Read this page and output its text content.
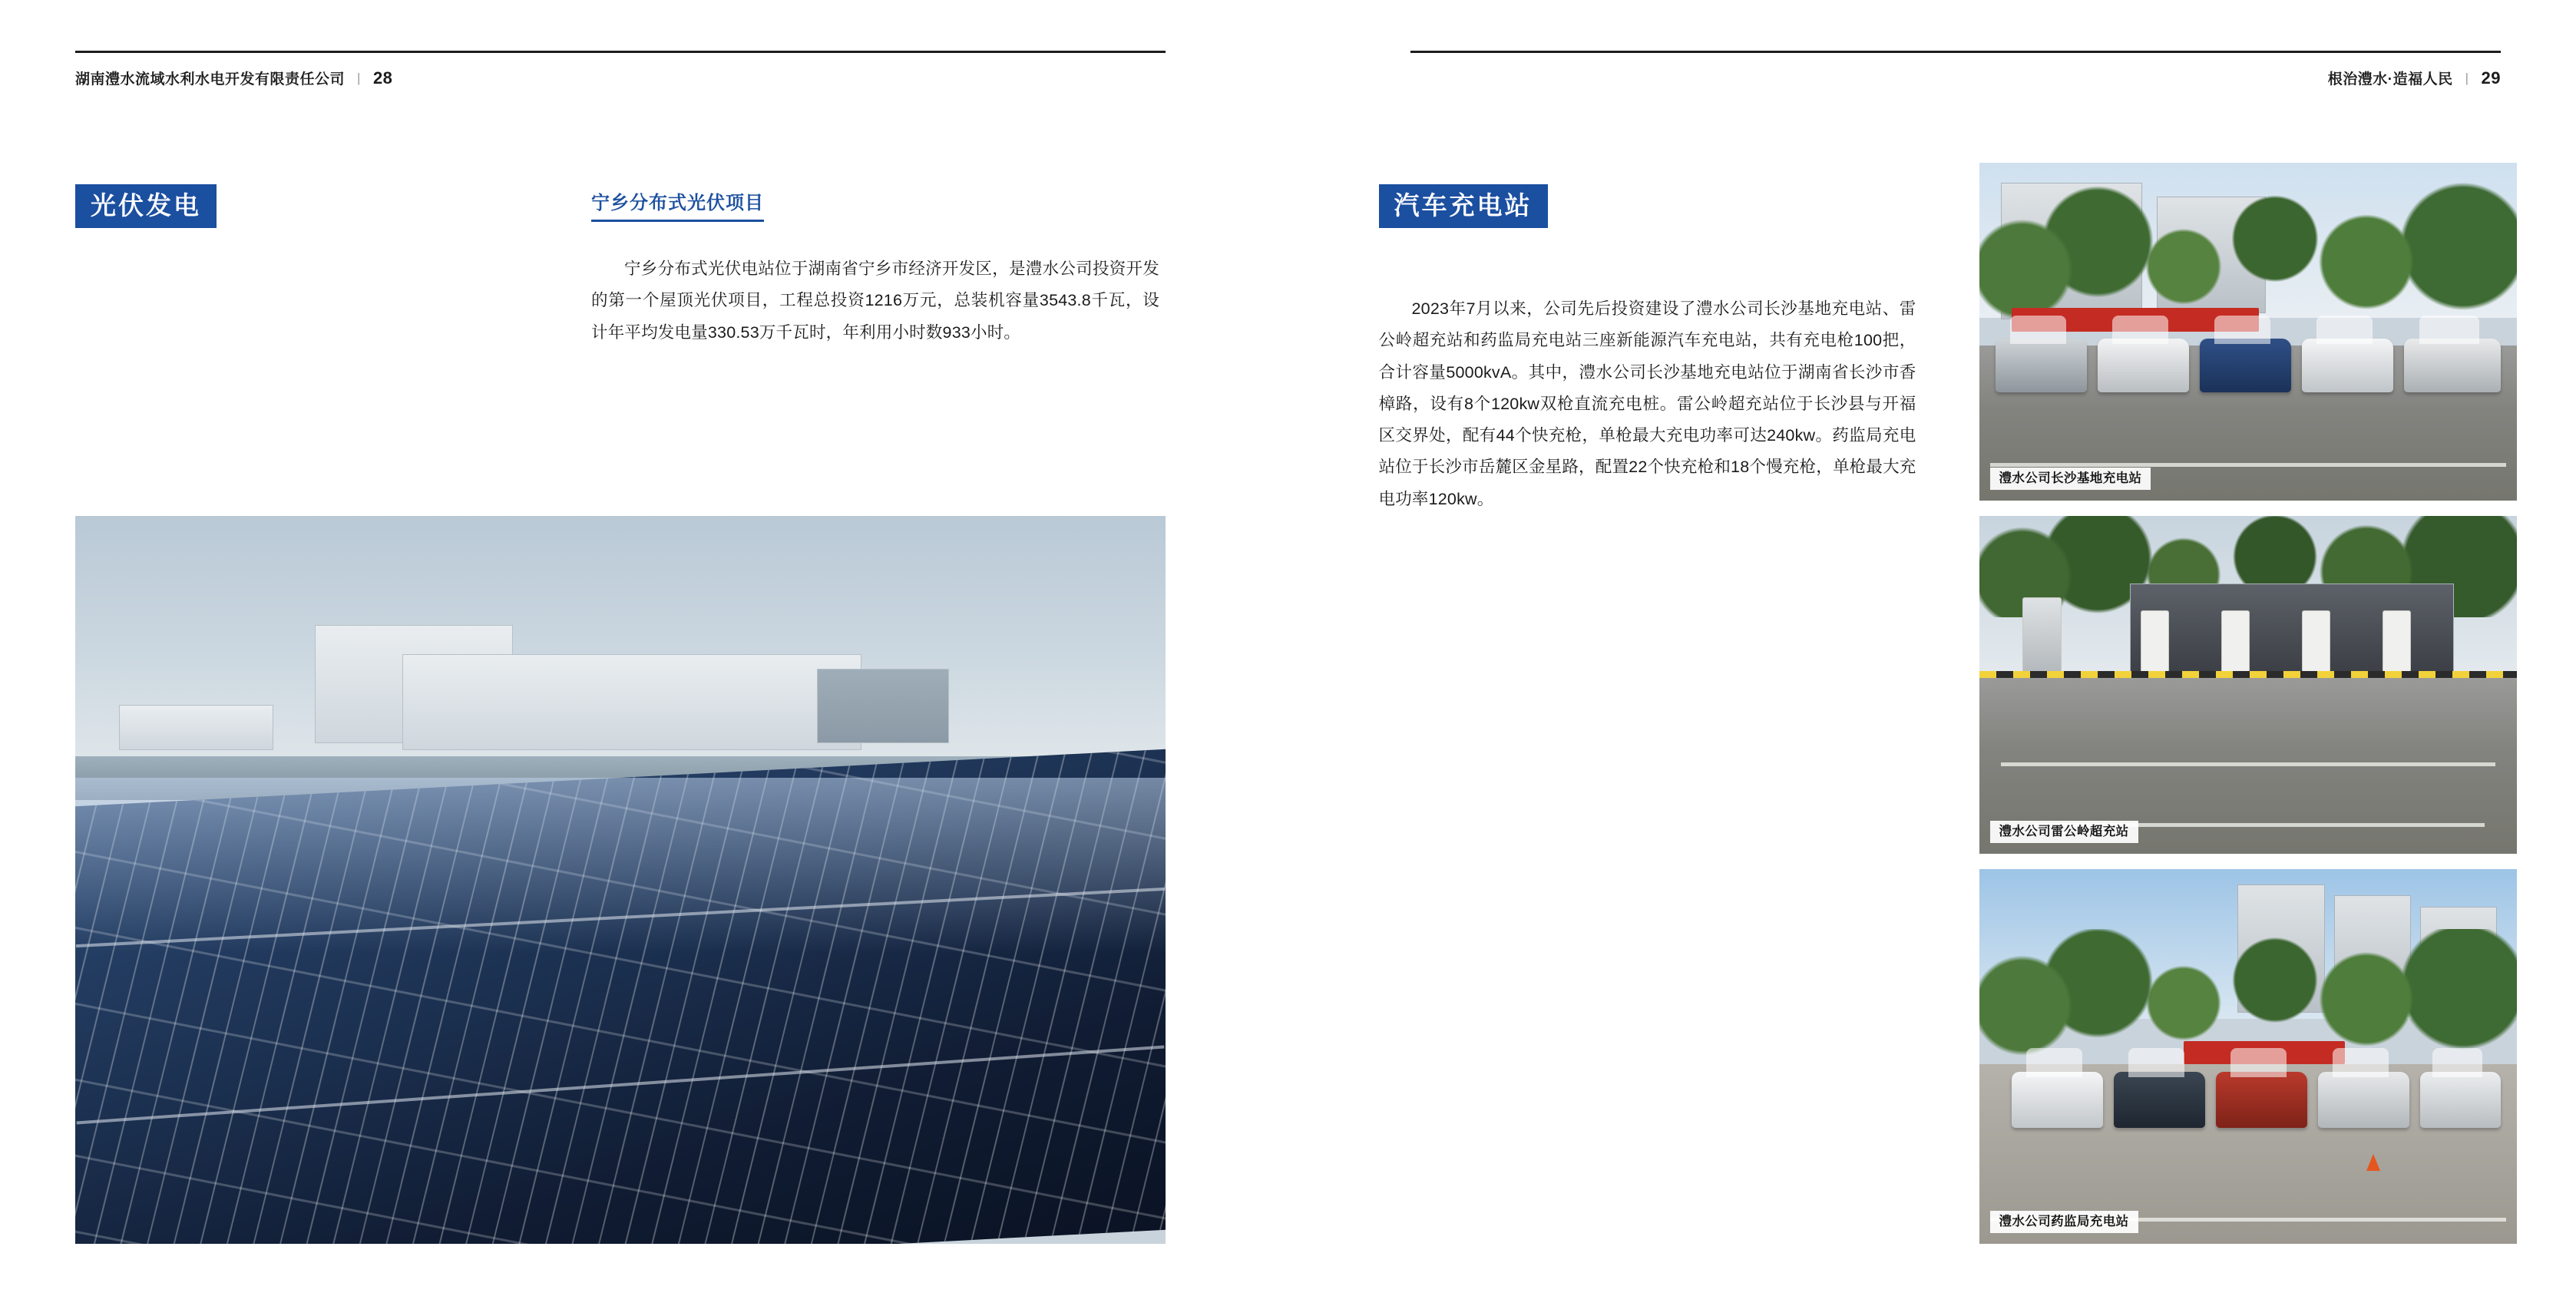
湖南澧水流域水利水电开发有限责任公司 | 28
光伏发电	宁乡分布式光伏项目

宁乡分布式光伏电站位于湖南省宁乡市经济开发区，是澧水公司投资开发的第一个屋顶光伏项目，工程总投资1216万元，总装机容量3543.8千瓦，设计年平均发电量330.53万千瓦时，年利用小时数933小时。

根治澧水·造福人民 | 29
汽车充电站

2023年7月以来，公司先后投资建设了澧水公司长沙基地充电站、雷公岭超充站和药监局充电站三座新能源汽车充电站，共有充电枪100把，合计容量5000kvA。其中，澧水公司长沙基地充电站位于湖南省长沙市香樟路，设有8个120kw双枪直流充电桩。雷公岭超充站位于长沙县与开福区交界处，配有44个快充枪，单枪最大充电功率可达240kw。药监局充电站位于长沙市岳麓区金星路，配置22个快充枪和18个慢充枪，单枪最大充电功率120kw。

澧水公司长沙基地充电站
澧水公司雷公岭超充站
澧水公司药监局充电站
